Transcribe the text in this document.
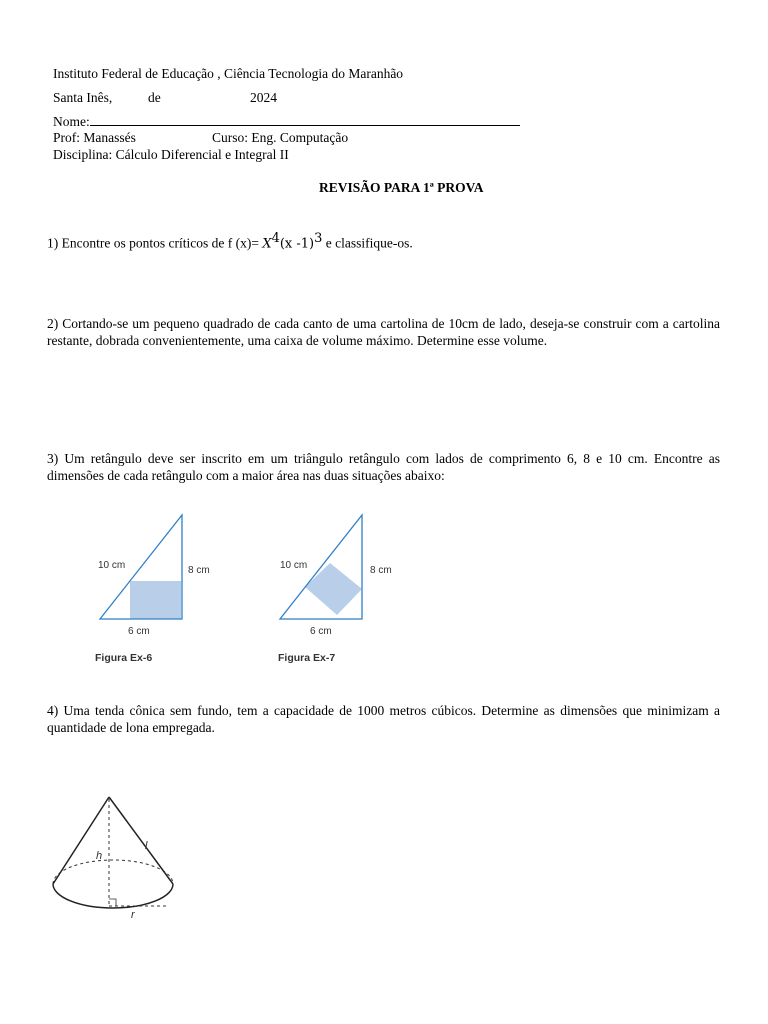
Instituto Federal de Educação , Ciência Tecnologia do Maranhão
Santa Inês,	de	2024
Nome:
Prof: Manassés	Curso: Eng. Computação
Disciplina: Cálculo Diferencial e Integral II
REVISÃO PARA 1ª PROVA
1) Encontre os pontos críticos de f $(x)= X^4(x$ -1)$^3$ e classifique-os.
2) Cortando-se um pequeno quadrado de cada canto de uma cartolina de 10cm de lado, deseja-se construir com a cartolina restante, dobrada convenientemente, uma caixa de volume máximo. Determine esse volume.
3) Um retângulo deve ser inscrito em um triângulo retângulo com lados de comprimento 6, 8 e 10 cm. Encontre as dimensões de cada retângulo com a maior área nas duas situações abaixo:
10 cm	8 cm
6 cm
Figura Ex-6
10 cm	8 cm
6 cm
Figura Ex-7
4) Uma tenda cônica sem fundo, tem a capacidade de 1000 metros cúbicos. Determine as dimensões que minimizam a quantidade de lona empregada.
h
l
r
